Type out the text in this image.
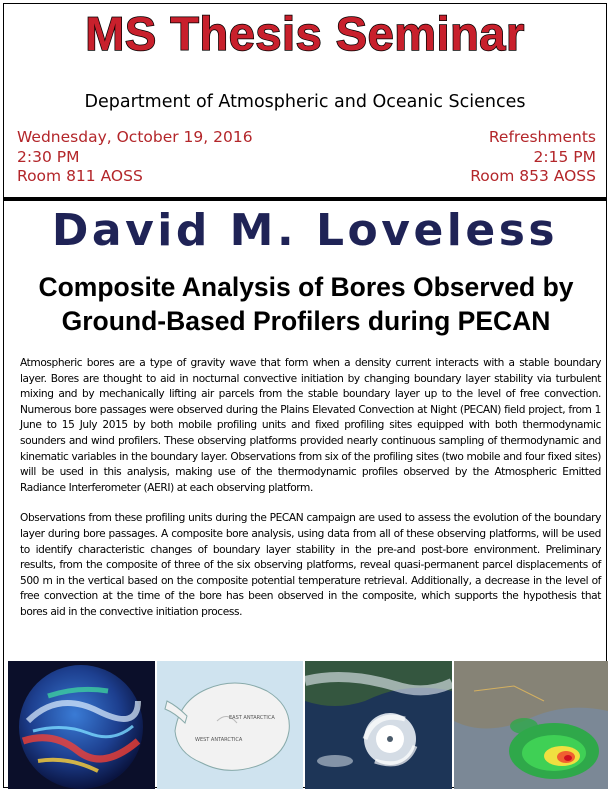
MS Thesis Seminar
Department of Atmospheric and Oceanic Sciences
Wednesday, October 19, 2016
2:30 PM
Room 811 AOSS
Refreshments
2:15 PM
Room 853 AOSS
David M. Loveless
Composite Analysis of Bores Observed by
Ground-Based Profilers during PECAN

Atmospheric bores are a type of gravity wave that form when a density current interacts with a stable boundary layer. Bores are thought to aid in nocturnal convective initiation by changing boundary layer stability via turbulent mixing and by mechanically lifting air parcels from the stable boundary layer up to the level of free convection. Numerous bore passages were observed during the Plains Elevated Convection at Night (PECAN) field project, from 1 June to 15 July 2015 by both mobile profiling units and fixed profiling sites equipped with both thermodynamic sounders and wind profilers. These observing platforms provided nearly continuous sampling of thermodynamic and kinematic variables in the boundary layer. Observations from six of the profiling sites (two mobile and four fixed sites) will be used in this analysis, making use of the thermodynamic profiles observed by the Atmospheric Emitted Radiance Interferometer (AERI) at each observing platform.

Observations from these profiling units during the PECAN campaign are used to assess the evolution of the boundary layer during bore passages. A composite bore analysis, using data from all of these observing platforms, will be used to identify characteristic changes of boundary layer stability in the pre-and post-bore environment. Preliminary results, from the composite of three of the six observing platforms, reveal quasi-permanent parcel displacements of 500 m in the vertical based on the composite potential temperature retrieval. Additionally, a decrease in the level of free convection at the time of the bore has been observed in the composite, which supports the hypothesis that bores aid in the convective initiation process.

EAST ANTARCTICA
WEST ANTARCTICA
